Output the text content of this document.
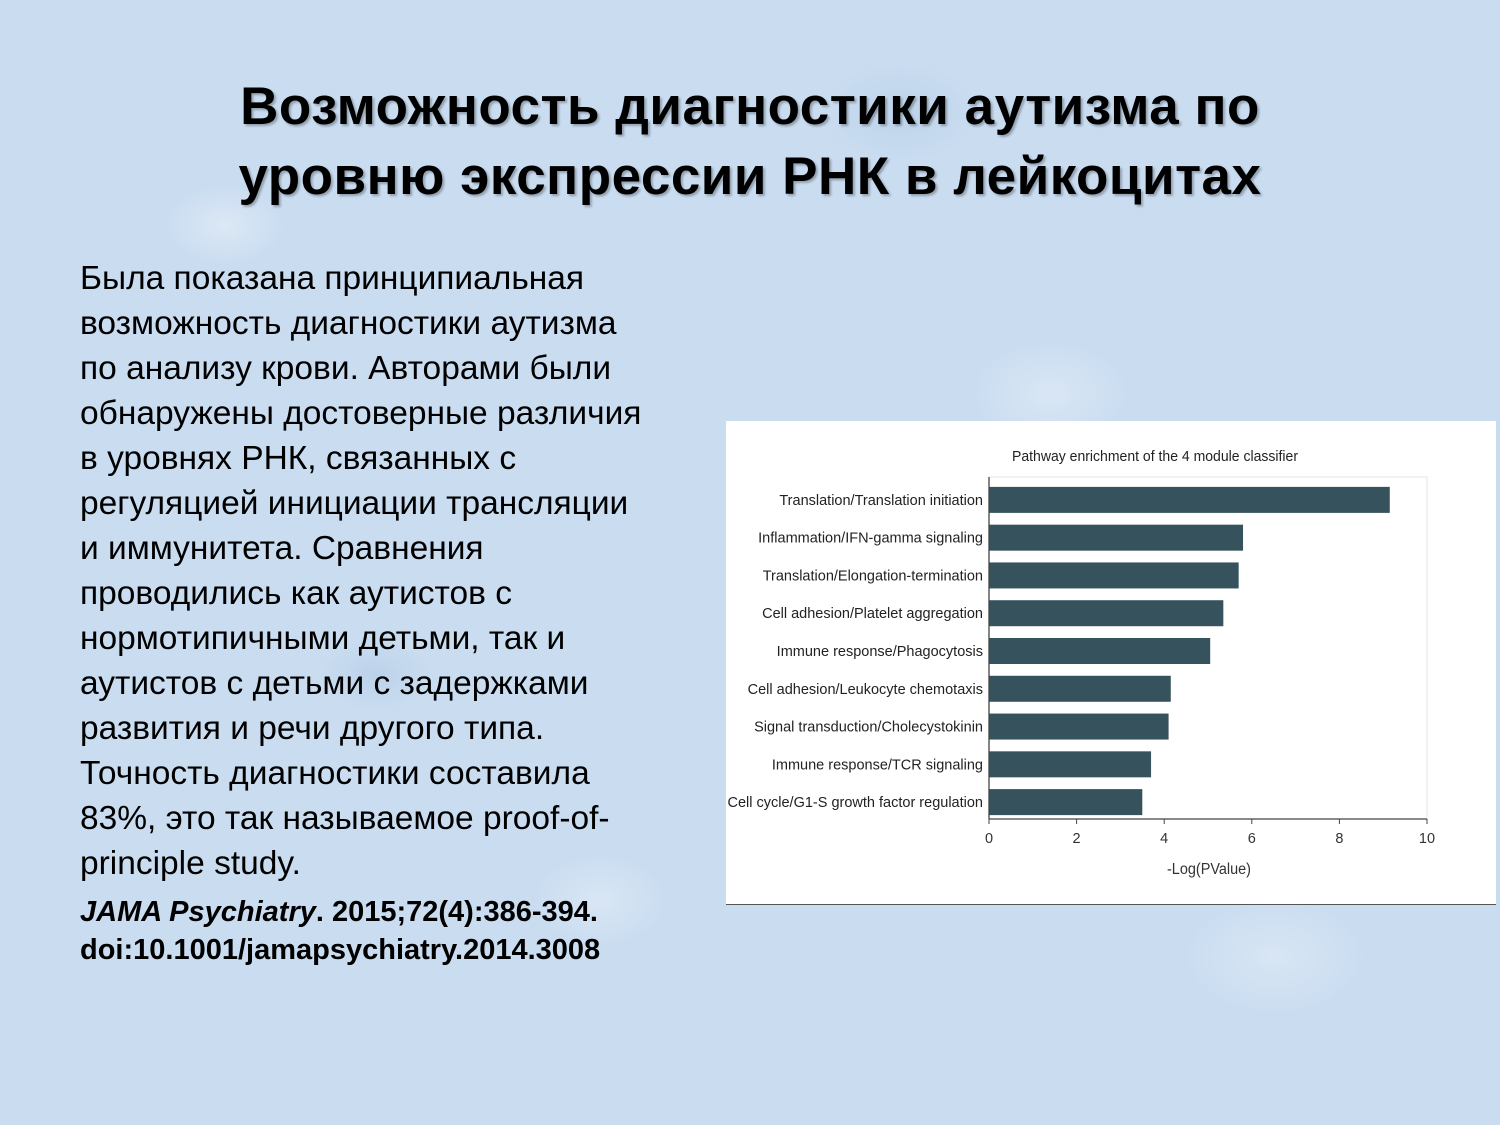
Возможность диагностики аутизма по
уровню экспрессии РНК в лейкоцитах
Была показана принципиальная
возможность диагностики аутизма
по анализу крови. Авторами были
обнаружены достоверные различия
в уровнях РНК, связанных с
регуляцией инициации трансляции
и иммунитета. Сравнения
проводились как аутистов с
нормотипичными детьми, так и
аутистов с детьми с задержками
развития и речи другого типа.
Точность диагностики составила
83%, это так называемое proof-of-
principle study.
JAMA Psychiatry. 2015;72(4):386-394.
doi:10.1001/jamapsychiatry.2014.3008
Pathway enrichment of the 4 module classifier
-Log(PValue)
Translation/Translation initiation
Inflammation/IFN-gamma signaling
Translation/Elongation-termination
Cell adhesion/Platelet aggregation
Immune response/Phagocytosis
Cell adhesion/Leukocyte chemotaxis
Signal transduction/Cholecystokinin
Immune response/TCR signaling
Cell cycle/G1-S growth factor regulation
0	2	4	6	8	10
